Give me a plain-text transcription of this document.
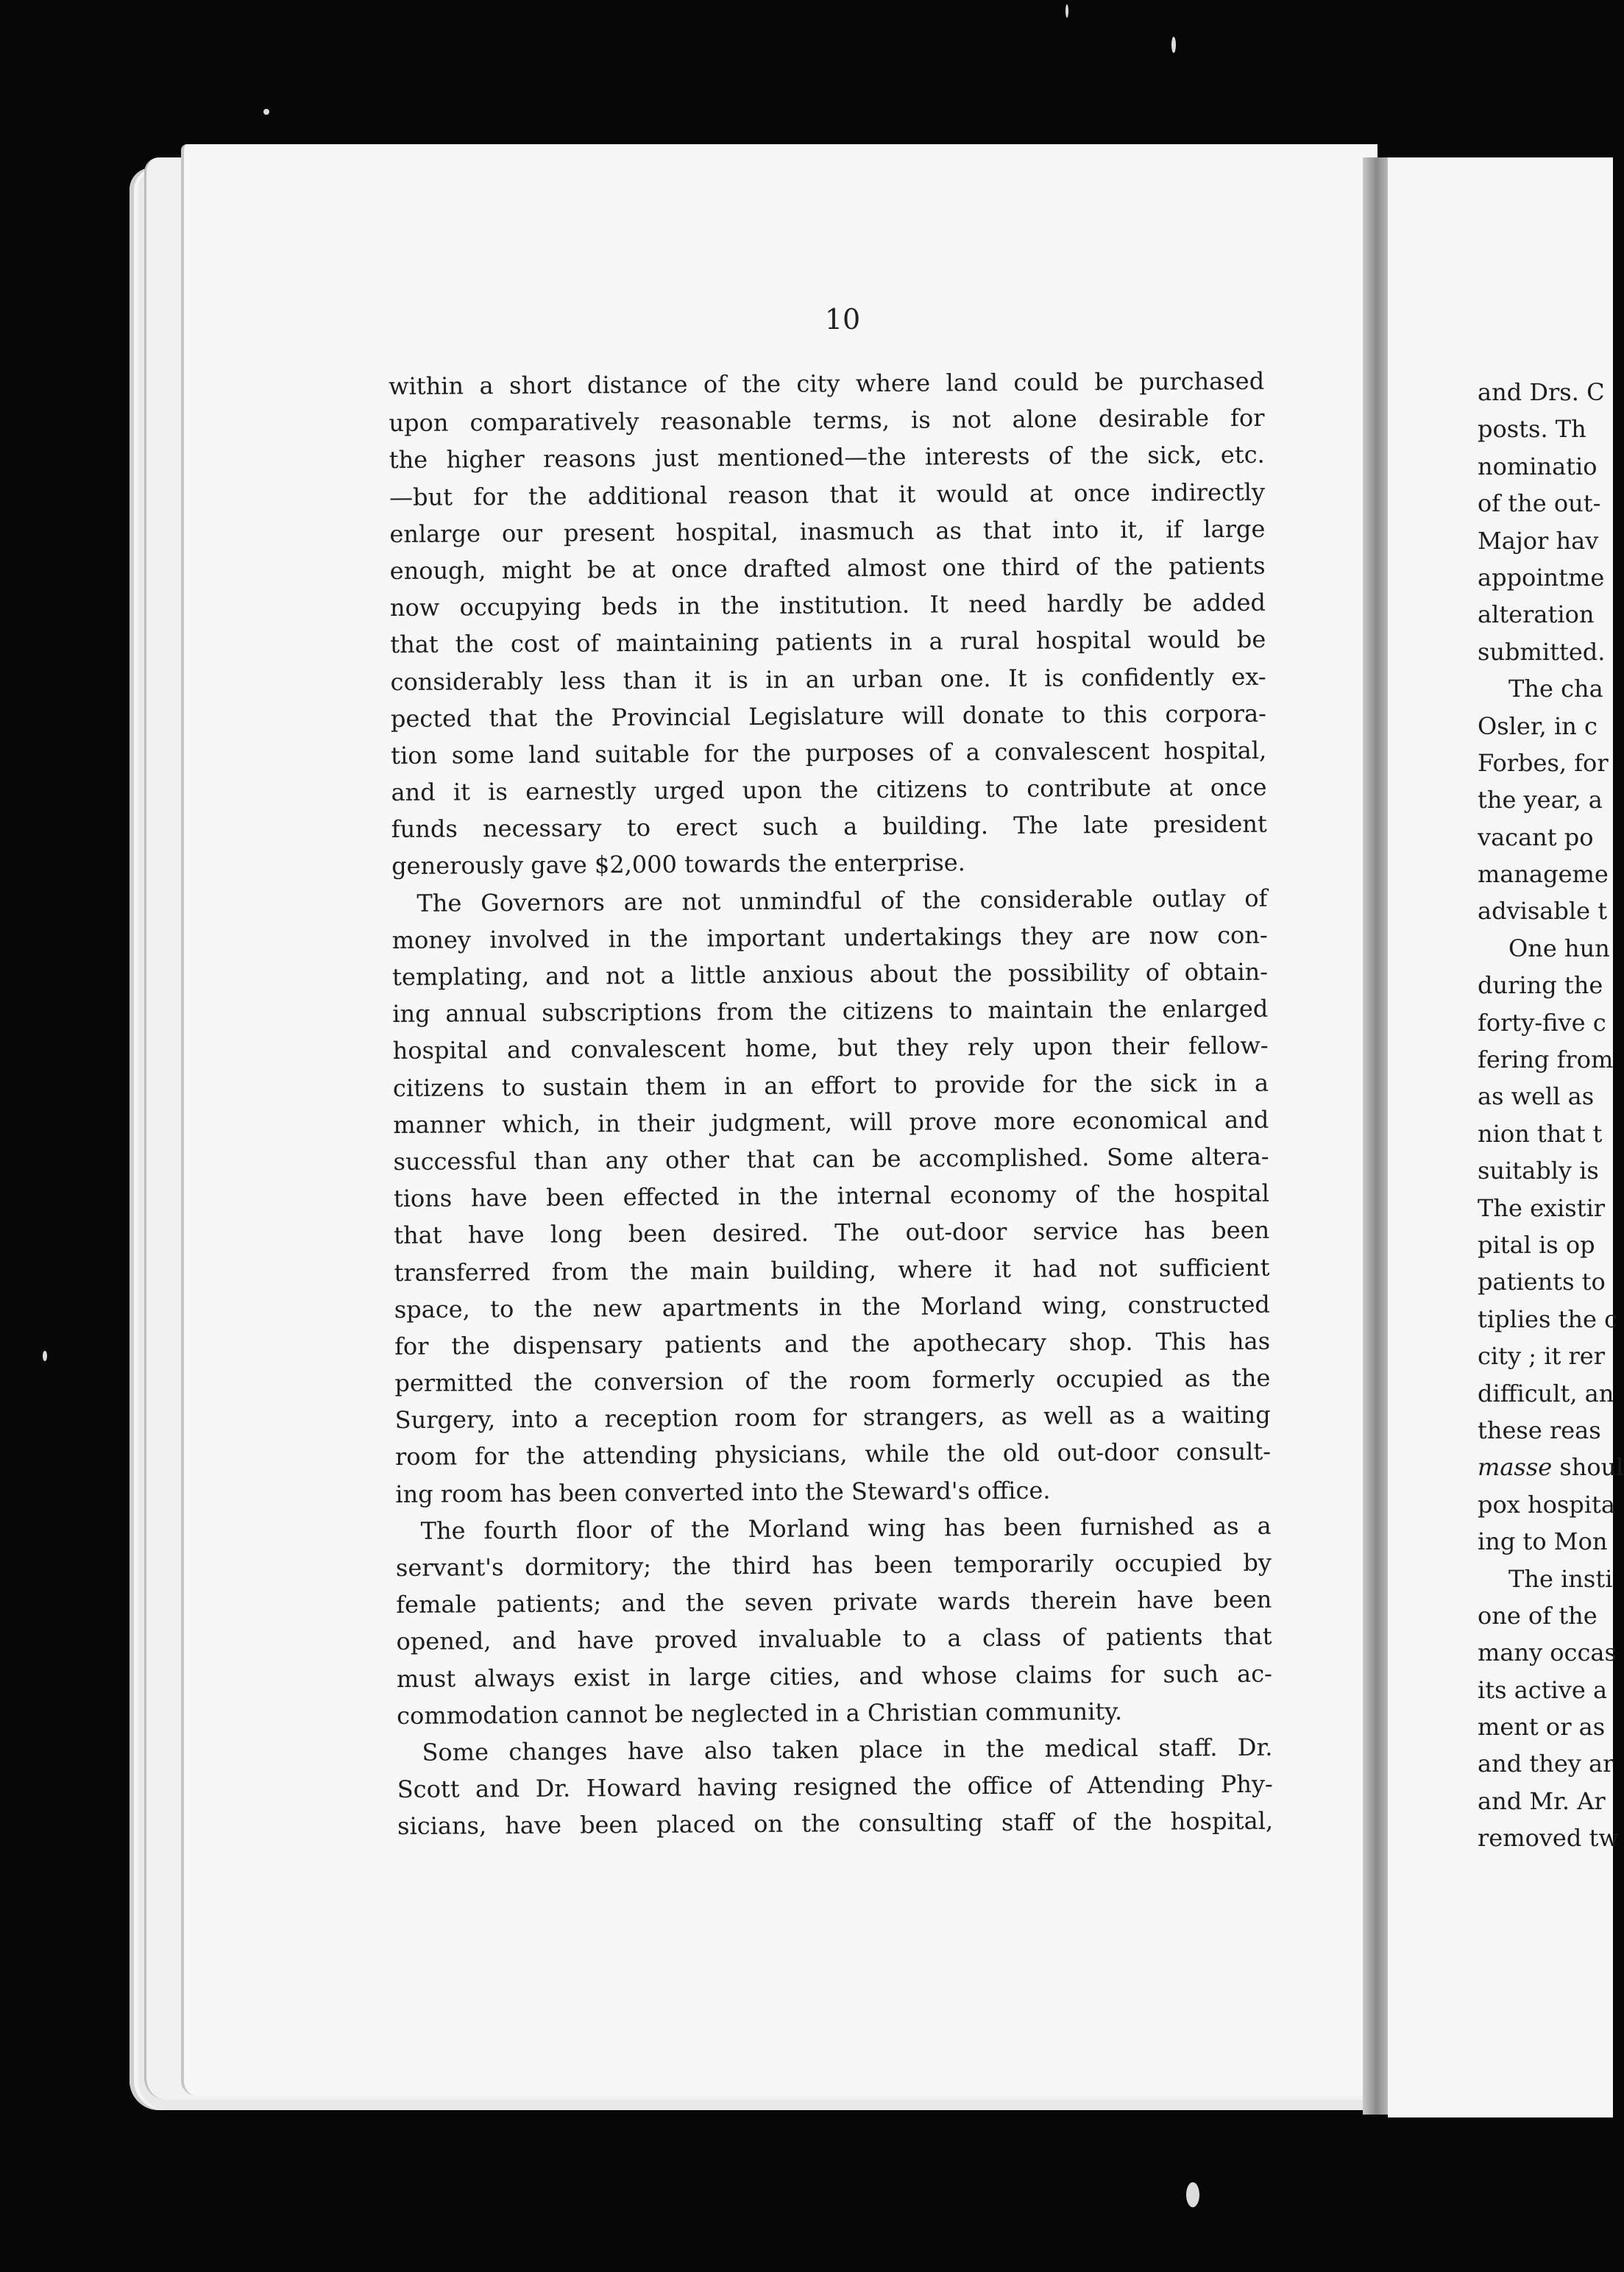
10
within a short distance of the city where land could be purchased
upon comparatively reasonable terms, is not alone desirable for
the higher reasons just mentioned—the interests of the sick, etc.
—but for the additional reason that it would at once indirectly
enlarge our present hospital, inasmuch as that into it, if large
enough, might be at once drafted almost one third of the patients
now occupying beds in the institution. It need hardly be added
that the cost of maintaining patients in a rural hospital would be
considerably less than it is in an urban one. It is confidently ex-
pected that the Provincial Legislature will donate to this corpora-
tion some land suitable for the purposes of a convalescent hospital,
and it is earnestly urged upon the citizens to contribute at once
funds necessary to erect such a building. The late president
generously gave $2,000 towards the enterprise.
The Governors are not unmindful of the considerable outlay of
money involved in the important undertakings they are now con-
templating, and not a little anxious about the possibility of obtain-
ing annual subscriptions from the citizens to maintain the enlarged
hospital and convalescent home, but they rely upon their fellow-
citizens to sustain them in an effort to provide for the sick in a
manner which, in their judgment, will prove more economical and
successful than any other that can be accomplished. Some altera-
tions have been effected in the internal economy of the hospital
that have long been desired. The out-door service has been
transferred from the main building, where it had not sufficient
space, to the new apartments in the Morland wing, constructed
for the dispensary patients and the apothecary shop. This has
permitted the conversion of the room formerly occupied as the
Surgery, into a reception room for strangers, as well as a waiting
room for the attending physicians, while the old out-door consult-
ing room has been converted into the Steward's office.
The fourth floor of the Morland wing has been furnished as a
servant's dormitory; the third has been temporarily occupied by
female patients; and the seven private wards therein have been
opened, and have proved invaluable to a class of patients that
must always exist in large cities, and whose claims for such ac-
commodation cannot be neglected in a Christian community.
Some changes have also taken place in the medical staff. Dr.
Scott and Dr. Howard having resigned the office of Attending Phy-
sicians, have been placed on the consulting staff of the hospital,
and Drs. C
posts. Th
nominatio
of the out-
Major hav
appointme
alteration
submitted.
The cha
Osler, in c
Forbes, for
the year, a
vacant po
manageme
advisable t
One hun
during the
forty-five c
fering from
as well as
nion that t
suitably is
The existir
pital is op
patients to
tiplies the c
city ; it rer
difficult, an
these reas
masse shoul
pox hospita
ing to Mon
The insti
one of the
many occas
its active a
ment or as
and they ar
and Mr. Ar
removed tw
